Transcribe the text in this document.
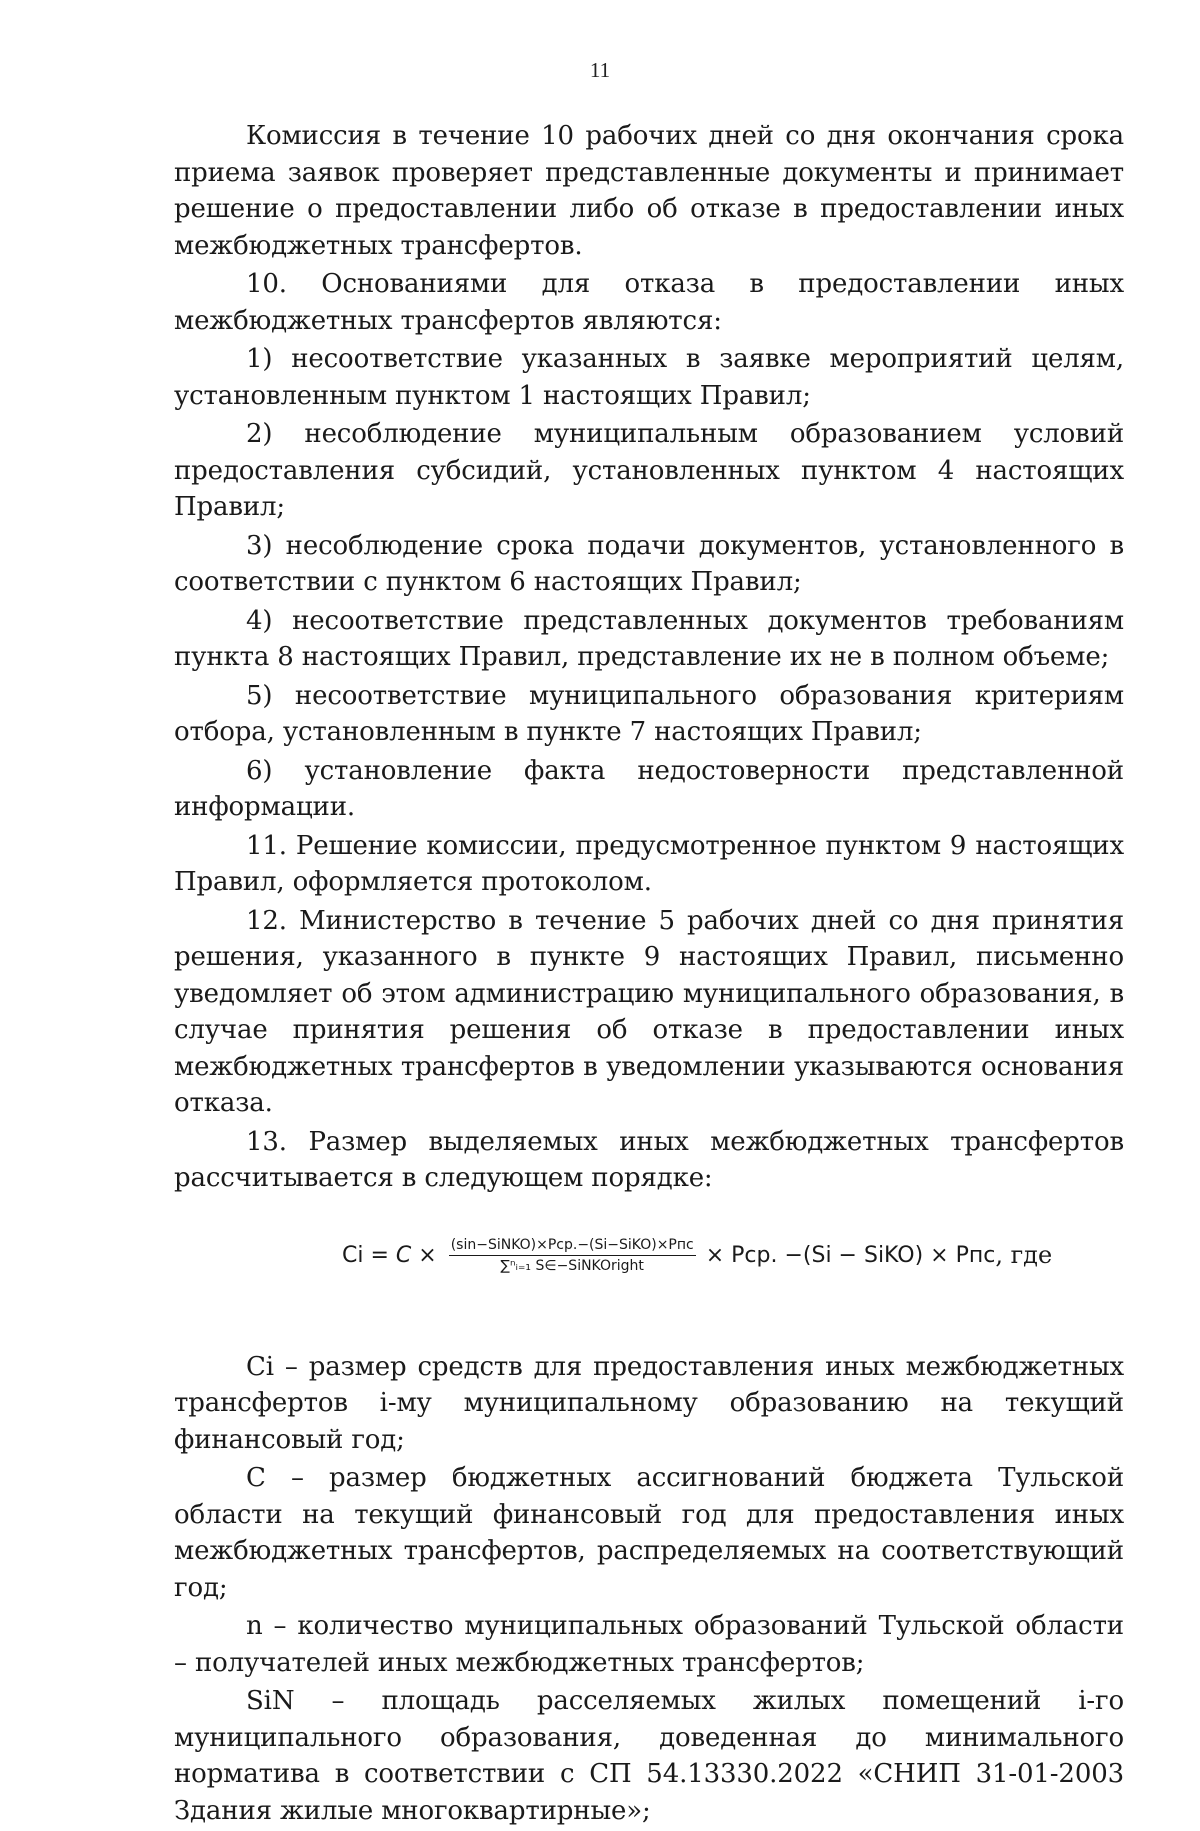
11

Комиссия в течение 10 рабочих дней со дня окончания срока приема заявок проверяет представленные документы и принимает решение о предоставлении либо об отказе в предоставлении иных межбюджетных трансфертов.

10. Основаниями для отказа в предоставлении иных межбюджетных трансфертов являются:

1) несоответствие указанных в заявке мероприятий целям, установленным пунктом 1 настоящих Правил;

2) несоблюдение муниципальным образованием условий предоставления субсидий, установленных пунктом 4 настоящих Правил;

3) несоблюдение срока подачи документов, установленного в соответствии с пунктом 6 настоящих Правил;

4) несоответствие представленных документов требованиям пункта 8 настоящих Правил, представление их не в полном объеме;

5) несоответствие муниципального образования критериям отбора, установленным в пункте 7 настоящих Правил;

6) установление факта недостоверности представленной информации.

11. Решение комиссии, предусмотренное пунктом 9 настоящих Правил, оформляется протоколом.

12. Министерство в течение 5 рабочих дней со дня принятия решения, указанного в пункте 9 настоящих Правил, письменно уведомляет об этом администрацию муниципального образования, в случае принятия решения об отказе в предоставлении иных межбюджетных трансфертов в уведомлении указываются основания отказа.

13. Размер выделяемых иных межбюджетных трансфертов рассчитывается в следующем порядке:

$Ci = C \times \frac{\text{(sin−SiNKO)×Pcp.−(Si−SiKO)×Pпс}}{\text{∑ⁿᵢ₌₁ S∈−SiNKOright}}$ × Pcp. −(Si − SiKO) × Pпс , где

Ci – размер средств для предоставления иных межбюджетных трансфертов i-му муниципальному образованию на текущий финансовый год;

C – размер бюджетных ассигнований бюджета Тульской области на текущий финансовый год для предоставления иных межбюджетных трансфертов, распределяемых на соответствующий год;

n – количество муниципальных образований Тульской области – получателей иных межбюджетных трансфертов;

SiN – площадь расселяемых жилых помещений i-го муниципального образования, доведенная до минимального норматива в соответствии с СП 54.13330.2022 «СНИП 31-01-2003 Здания жилые многоквартирные»;
